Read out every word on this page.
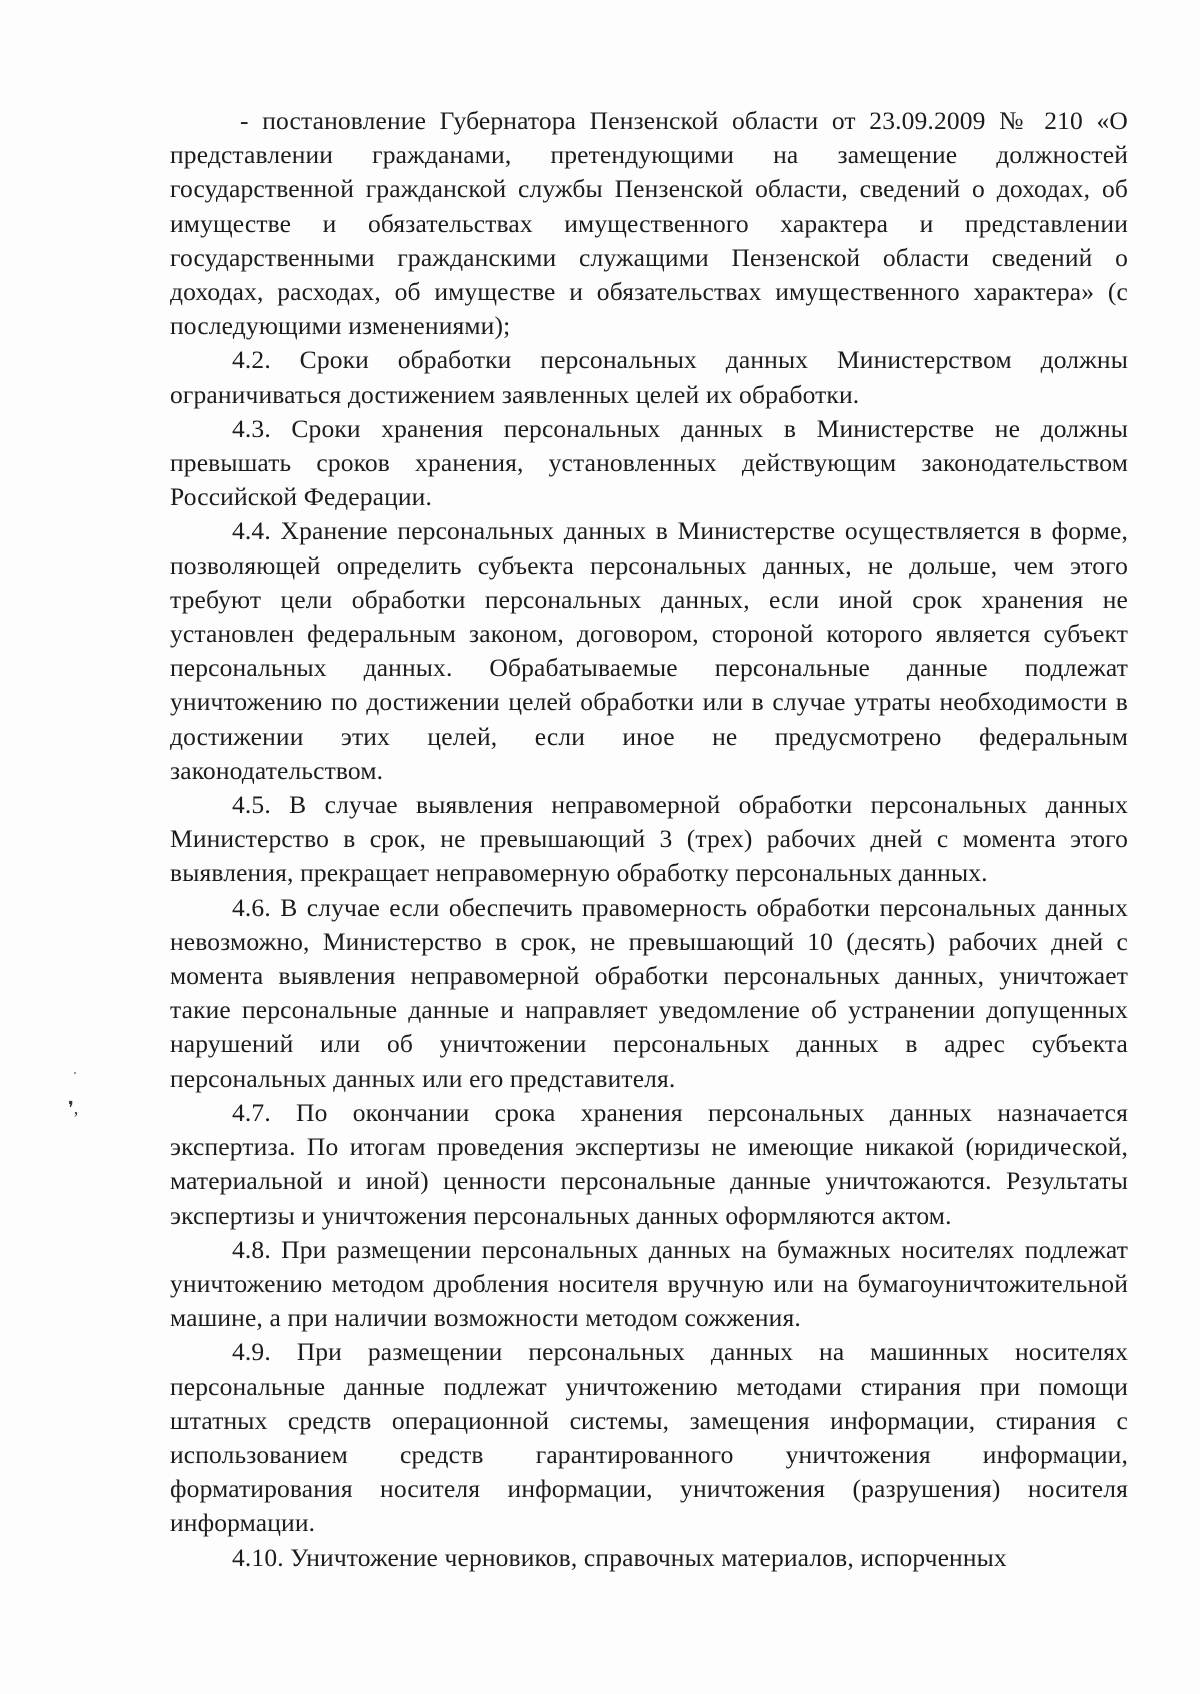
❜,

- постановление Губернатора Пензенской области от 23.09.2009 № 210 «О представлении гражданами, претендующими на замещение должностей государственной гражданской службы Пензенской области, сведений о доходах, об имуществе и обязательствах имущественного характера и представлении государственными гражданскими служащими Пензенской области сведений о доходах, расходах, об имуществе и обязательствах имущественного характера» (с последующими изменениями);

4.2. Сроки обработки персональных данных Министерством должны ограничиваться достижением заявленных целей их обработки.

4.3. Сроки хранения персональных данных в Министерстве не должны превышать сроков хранения, установленных действующим законодательством Российской Федерации.

4.4. Хранение персональных данных в Министерстве осуществляется в форме, позволяющей определить субъекта персональных данных, не дольше, чем этого требуют цели обработки персональных данных, если иной срок хранения не установлен федеральным законом, договором, стороной которого является субъект персональных данных. Обрабатываемые персональные данные подлежат уничтожению по достижении целей обработки или в случае утраты необходимости в достижении этих целей, если иное не предусмотрено федеральным законодательством.

4.5. В случае выявления неправомерной обработки персональных данных Министерство в срок, не превышающий 3 (трех) рабочих дней с момента этого выявления, прекращает неправомерную обработку персональных данных.

4.6. В случае если обеспечить правомерность обработки персональных данных невозможно, Министерство в срок, не превышающий 10 (десять) рабочих дней с момента выявления неправомерной обработки персональных данных, уничтожает такие персональные данные и направляет уведомление об устранении допущенных нарушений или об уничтожении персональных данных в адрес субъекта персональных данных или его представителя.

4.7. По окончании срока хранения персональных данных назначается экспертиза. По итогам проведения экспертизы не имеющие никакой (юридической, материальной и иной) ценности персональные данные уничтожаются. Результаты экспертизы и уничтожения персональных данных оформляются актом.

4.8. При размещении персональных данных на бумажных носителях подлежат уничтожению методом дробления носителя вручную или на бумагоуничтожительной машине, а при наличии возможности методом сожжения.

4.9. При размещении персональных данных на машинных носителях персональные данные подлежат уничтожению методами стирания при помощи штатных средств операционной системы, замещения информации, стирания с использованием средств гарантированного уничтожения информации, форматирования носителя информации, уничтожения (разрушения) носителя информации.

4.10. Уничтожение черновиков, справочных материалов, испорченных
